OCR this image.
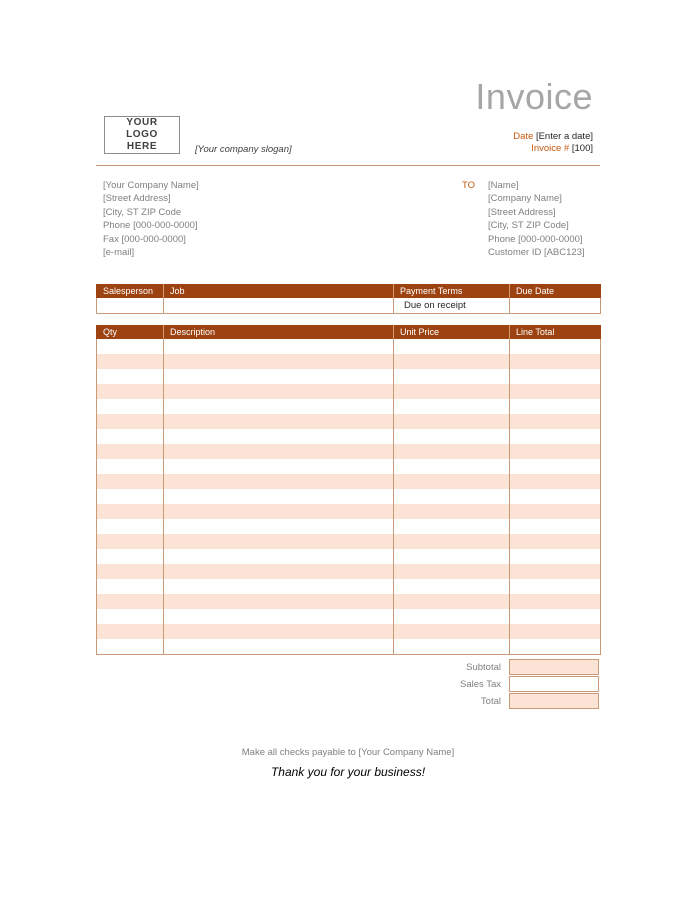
Invoice
YOUR LOGO HERE	[Your company slogan]
Date [Enter a date]
Invoice # [100]
[Your Company Name]
[Street Address]
[City, ST ZIP Code
Phone [000-000-0000]
Fax [000-000-0000]
[e-mail]
TO [Name]
[Company Name]
[Street Address]
[City, ST ZIP Code]
Phone [000-000-0000]
Customer ID [ABC123]
Salesperson	Job	Payment Terms	Due Date
		Due on receipt	
Qty	Description	Unit Price	Line Total

Subtotal
Sales Tax
Total
Make all checks payable to [Your Company Name]
Thank you for your business!
